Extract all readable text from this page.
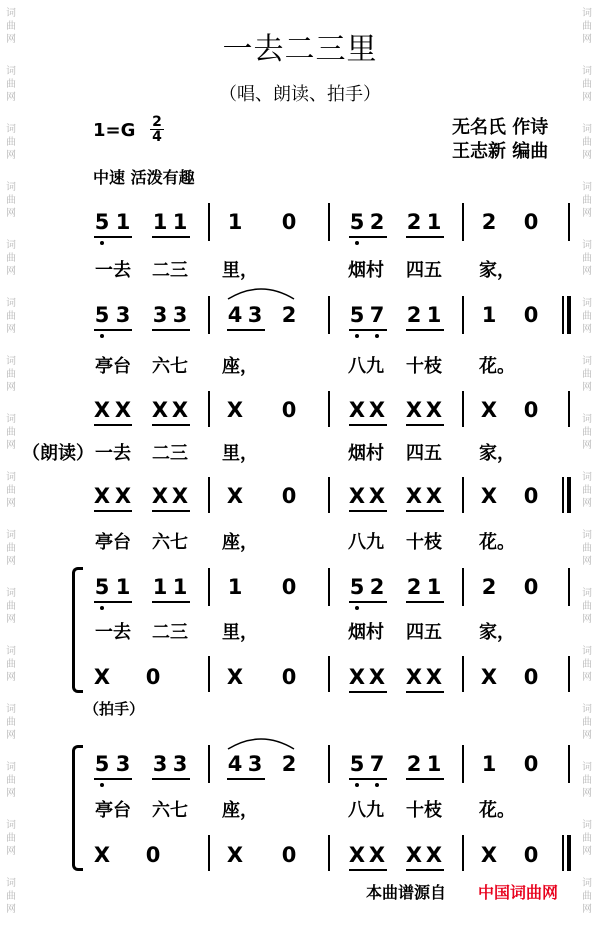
词
曲
网
词
曲
网
词
曲
网
词
曲
网
词
曲
网
词
曲
网
词
曲
网
词
曲
网
词
曲
网
词
曲
网
词
曲
网
词
曲
网
词
曲
网
词
曲
网
词
曲
网
词
曲
网
词
曲
网
词
曲
网
词
曲
网
词
曲
网
词
曲
网
词
曲
网
词
曲
网
词
曲
网
词
曲
网
词
曲
网
词
曲
网
词
曲
网
词
曲
网
词
曲
网
词
曲
网
词
曲
网
一去二三里
（唱、朗读、拍手）
1=G 2
4	无名氏 作诗
王志新 编曲
中速 活泼有趣
5 1 1 1 1 0	5 2 2 1 2 0
一去 二三 里，	烟村 四五 家，
5 3 3 3 4 3 2	5 7 2 1 1 0
亭台 六七 座，	八九 十枝 花。
X X X X X 0	X X X X X 0
（朗读） 一去 二三 里，	烟村 四五 家，
X X X X X 0	X X X X X 0
亭台 六七 座，	八九 十枝 花。
5 1 1 1 1 0	5 2 2 1 2 0
一去 二三 里，	烟村 四五 家，
X 0	X 0	X X X X X 0
（拍手）
5 3 3 3 4 3 2	5 7 2 1 1 0
亭台 六七 座，	八九 十枝 花。
X 0	X 0	X X X X X 0
本曲谱源自 中国词曲网
